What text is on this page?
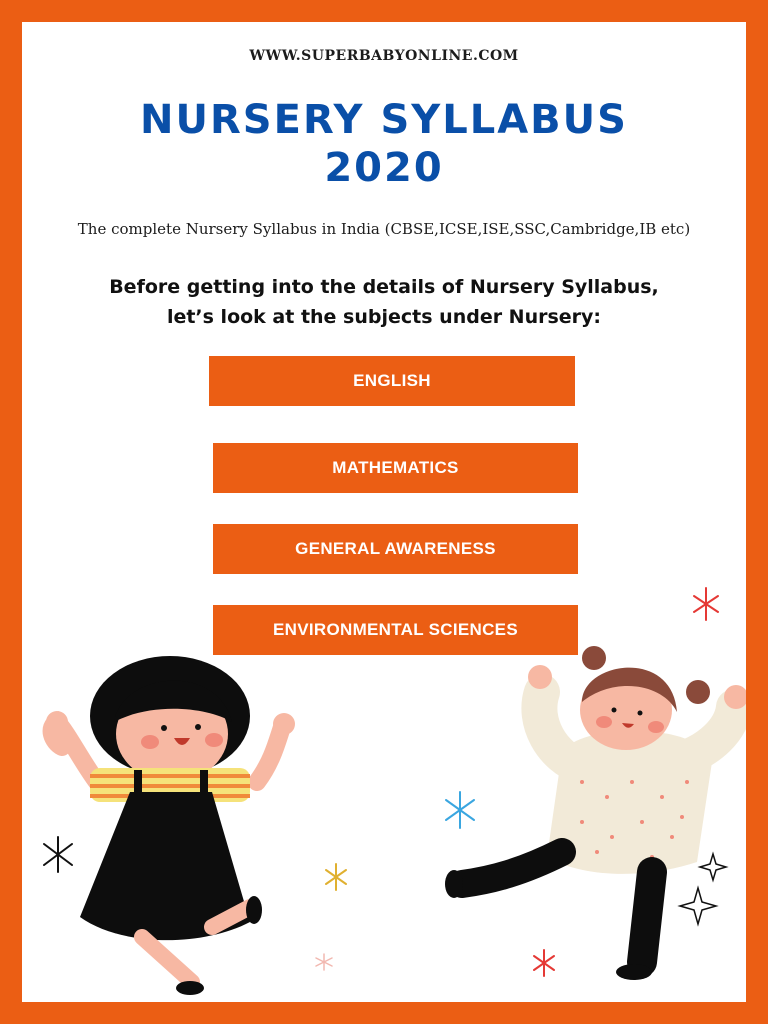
WWW.SUPERBABYONLINE.COM
NURSERY SYLLABUS
2020
The complete Nursery Syllabus in India (CBSE,ICSE,ISE,SSC,Cambridge,IB etc)
Before getting into the details of Nursery Syllabus,
let’s look at the subjects under Nursery:
ENGLISH
MATHEMATICS
GENERAL AWARENESS
ENVIRONMENTAL SCIENCES
